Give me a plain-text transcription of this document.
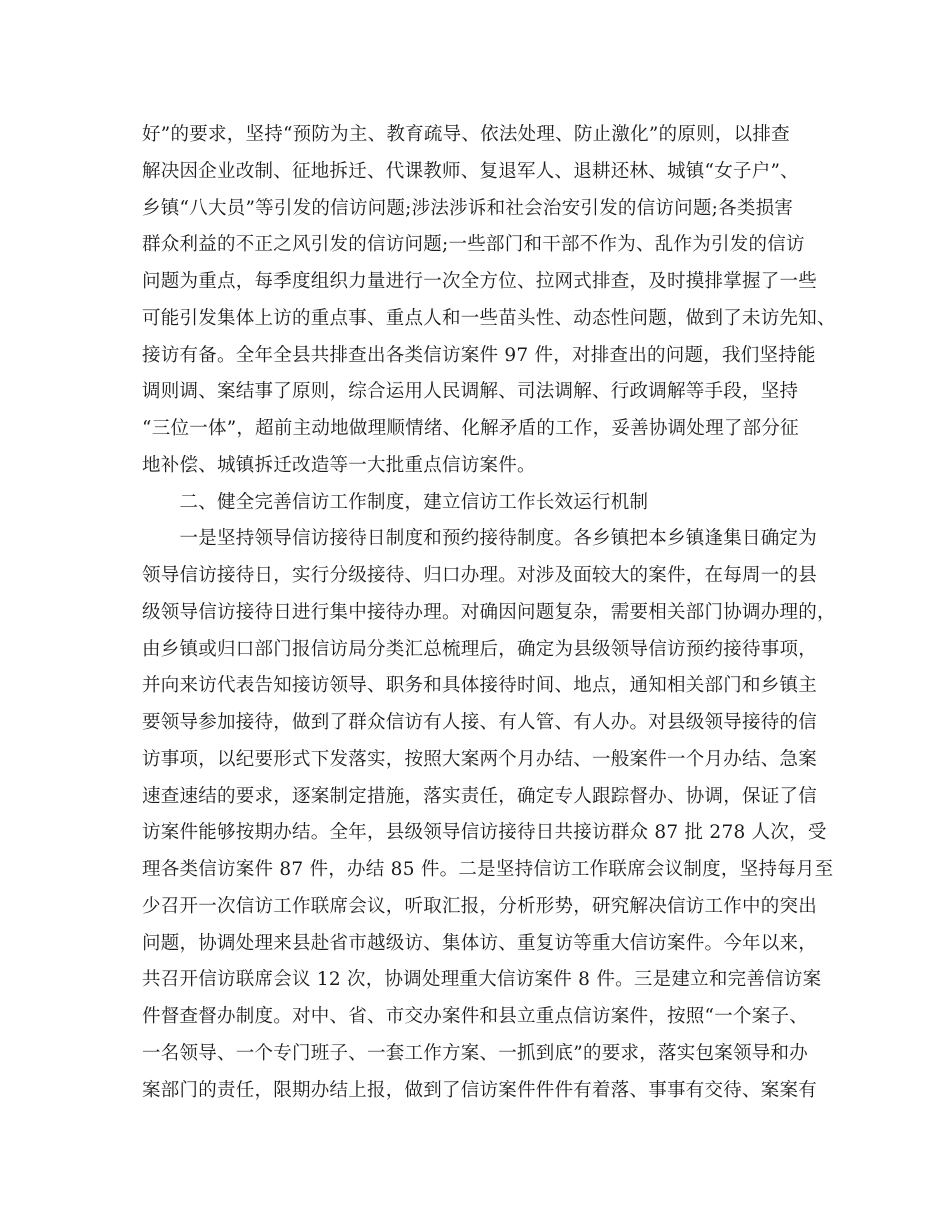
好”的要求，坚持“预防为主、教育疏导、依法处理、防止激化”的原则，以排查
解决因企业改制、征地拆迁、代课教师、复退军人、退耕还林、城镇“女子户”、
乡镇“八大员”等引发的信访问题;涉法涉诉和社会治安引发的信访问题;各类损害
群众利益的不正之风引发的信访问题;一些部门和干部不作为、乱作为引发的信访
问题为重点，每季度组织力量进行一次全方位、拉网式排查，及时摸排掌握了一些
可能引发集体上访的重点事、重点人和一些苗头性、动态性问题，做到了未访先知、
接访有备。全年全县共排查出各类信访案件 97 件，对排查出的问题，我们坚持能
调则调、案结事了原则，综合运用人民调解、司法调解、行政调解等手段，坚持
“三位一体”，超前主动地做理顺情绪、化解矛盾的工作，妥善协调处理了部分征
地补偿、城镇拆迁改造等一大批重点信访案件。
　　二、健全完善信访工作制度，建立信访工作长效运行机制
　　一是坚持领导信访接待日制度和预约接待制度。各乡镇把本乡镇逢集日确定为
领导信访接待日，实行分级接待、归口办理。对涉及面较大的案件，在每周一的县
级领导信访接待日进行集中接待办理。对确因问题复杂，需要相关部门协调办理的，
由乡镇或归口部门报信访局分类汇总梳理后，确定为县级领导信访预约接待事项，
并向来访代表告知接访领导、职务和具体接待时间、地点，通知相关部门和乡镇主
要领导参加接待，做到了群众信访有人接、有人管、有人办。对县级领导接待的信
访事项，以纪要形式下发落实，按照大案两个月办结、一般案件一个月办结、急案
速查速结的要求，逐案制定措施，落实责任，确定专人跟踪督办、协调，保证了信
访案件能够按期办结。全年，县级领导信访接待日共接访群众 87 批 278 人次，受
理各类信访案件 87 件，办结 85 件。二是坚持信访工作联席会议制度，坚持每月至
少召开一次信访工作联席会议，听取汇报，分析形势，研究解决信访工作中的突出
问题，协调处理来县赴省市越级访、集体访、重复访等重大信访案件。今年以来，
共召开信访联席会议 12 次，协调处理重大信访案件 8 件。三是建立和完善信访案
件督查督办制度。对中、省、市交办案件和县立重点信访案件，按照“一个案子、
一名领导、一个专门班子、一套工作方案、一抓到底”的要求，落实包案领导和办
案部门的责任，限期办结上报，做到了信访案件件件有着落、事事有交待、案案有
